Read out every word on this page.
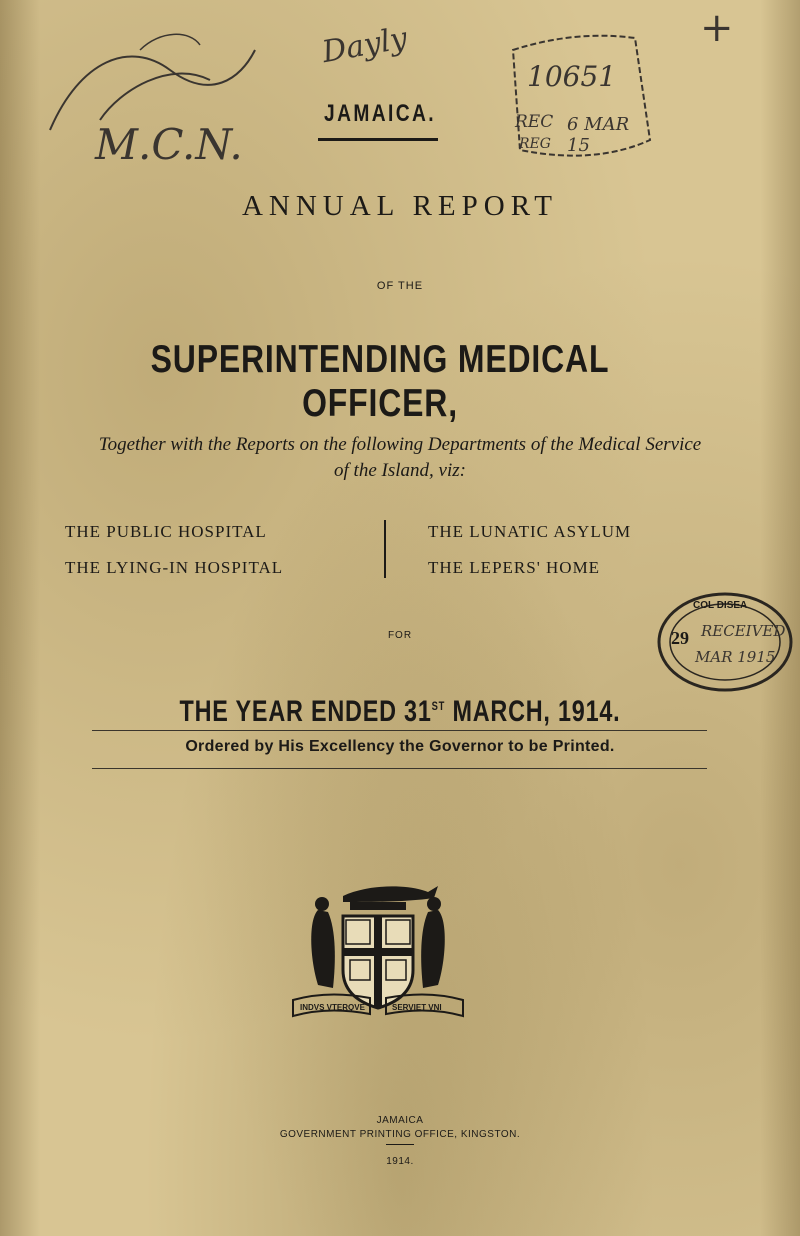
M.C.N.
Dayly	+
JAMAICA.
10651
REC 6 MAR 15
REG
ANNUAL REPORT
OF THE
SUPERINTENDING MEDICAL OFFICER,
Together with the Reports on the following Departments of the Medical Service
of the Island, viz:
THE PUBLIC HOSPITAL
THE LYING-IN HOSPITAL
THE LUNATIC ASYLUM
THE LEPERS' HOME
COL DISEA
29 RECEIVED
MAR 1915
FOR
THE YEAR ENDED 31ST MARCH, 1914.
Ordered by His Excellency the Governor to be Printed.
INDVS VTERQVE	SERVIET VNI
JAMAICA
GOVERNMENT PRINTING OFFICE, KINGSTON.
1914.
